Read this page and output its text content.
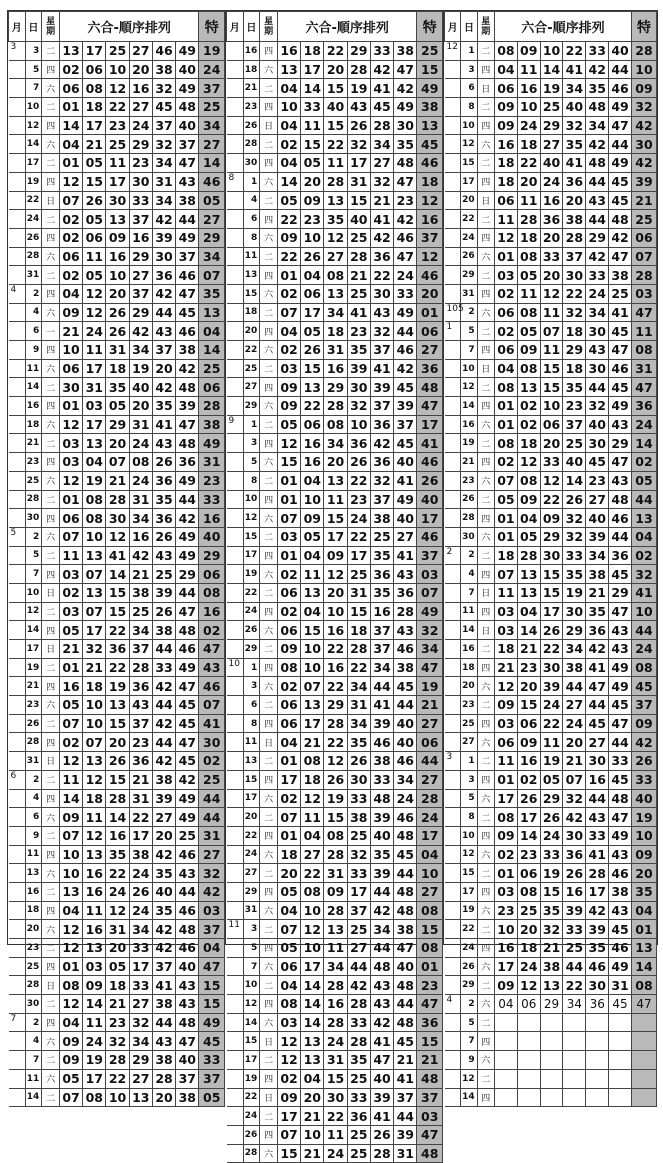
月	日	星期	六合-順序排列						特
3	3	二	13	17	25	27	46	49	19
	5	四	02	06	10	20	38	40	24
	7	六	06	08	12	16	32	49	37
	10	二	01	18	22	27	45	48	25
	12	四	14	17	23	24	37	40	34
	14	六	04	21	25	29	32	37	27
	17	二	01	05	11	23	34	47	14
	19	四	12	15	17	30	31	43	46
	22	日	07	26	30	33	34	38	05
	24	二	02	05	13	37	42	44	27
	26	四	02	06	09	16	39	49	29
	28	六	06	11	16	29	30	37	34
	31	二	02	05	10	27	36	46	07
4	2	四	04	12	20	37	42	47	35
	4	六	09	12	26	29	44	45	13
	6	一	21	24	26	42	43	46	04
	9	四	10	11	31	34	37	38	14
	11	六	06	17	18	19	20	42	25
	14	二	30	31	35	40	42	48	06
	16	四	01	03	05	20	35	39	28
	18	六	12	17	29	31	41	47	38
	21	二	03	13	20	24	43	48	49
	23	四	03	04	07	08	26	36	31
	25	六	12	19	21	24	36	49	23
	28	二	01	08	28	31	35	44	33
	30	四	06	08	30	34	36	42	16
5	2	六	07	10	12	16	26	49	40
	5	二	11	13	41	42	43	49	29
	7	四	03	07	14	21	25	29	06
	10	日	02	13	15	38	39	44	08
	12	二	03	07	15	25	26	47	16
	14	四	05	17	22	34	38	48	02
	17	日	21	32	36	37	44	46	47
	19	二	01	21	22	28	33	49	43
	21	四	16	18	19	36	42	47	46
	23	六	05	10	13	43	44	45	07
	26	二	07	10	15	37	42	45	41
	28	四	02	07	20	23	44	47	30
	31	日	12	13	26	36	42	45	02
6	2	二	11	12	15	21	38	42	25
	4	四	14	18	28	31	39	49	44
	6	六	09	11	14	22	27	49	44
	9	二	07	12	16	17	20	25	31
	11	四	10	13	35	38	42	46	27
	13	六	10	16	22	24	35	43	32
	16	二	13	16	24	26	40	44	42
	18	四	04	11	12	24	35	46	03
	20	六	12	16	31	34	42	48	37
	23	二	12	13	20	33	42	46	04
	25	四	01	03	05	17	37	40	47
	28	日	08	09	18	33	41	43	15
	30	二	12	14	21	27	38	43	15
7	2	四	04	11	23	32	44	48	49
	4	六	09	24	32	34	43	47	45
	7	二	09	19	28	29	38	40	33
	11	六	05	17	22	27	28	37	37
	14	二	07	08	10	13	20	38	05
月	日	星期	六合-順序排列						特
	16	四	16	18	22	29	33	38	25
	18	六	13	17	20	28	42	47	15
	21	二	04	14	15	19	41	42	49
	23	四	10	33	40	43	45	49	38
	26	日	04	11	15	26	28	30	13
	28	二	02	15	22	32	34	35	45
	30	四	04	05	11	17	27	48	46
8	1	六	14	20	28	31	32	47	18
	4	二	05	09	13	15	21	23	12
	6	四	22	23	35	40	41	42	16
	8	六	09	10	12	25	42	46	37
	11	二	22	26	27	28	36	47	12
	13	四	01	04	08	21	22	24	46
	15	六	02	06	13	25	30	33	20
	18	二	07	17	34	41	43	49	01
	20	四	04	05	18	23	32	44	06
	22	六	02	26	31	35	37	46	27
	25	二	03	15	16	39	41	42	36
	27	四	09	13	29	30	39	45	48
	29	六	09	22	28	32	37	39	47
9	1	二	05	06	08	10	36	37	17
	3	四	12	16	34	36	42	45	41
	5	六	15	16	20	26	36	40	46
	8	二	01	04	13	22	32	41	26
	10	四	01	10	11	23	37	49	40
	12	六	07	09	15	24	38	40	17
	15	二	03	05	17	22	25	27	46
	17	四	01	04	09	17	35	41	37
	19	六	02	11	12	25	36	43	03
	22	二	06	13	20	31	35	36	07
	24	四	02	04	10	15	16	28	49
	26	六	06	15	16	18	37	43	32
	29	二	09	10	22	28	37	46	34
10	1	四	08	10	16	22	34	38	47
	3	六	02	07	22	34	44	45	19
	6	二	06	13	29	31	41	44	21
	8	四	06	17	28	34	39	40	27
	11	日	04	21	22	35	46	40	06
	13	二	01	08	12	26	38	46	44
	15	四	17	18	26	30	33	34	27
	17	六	02	12	19	33	48	24	28
	20	二	07	11	15	38	39	46	24
	22	四	01	04	08	25	40	48	17
	24	六	18	27	28	32	35	45	04
	27	二	20	22	31	33	39	44	10
	29	四	05	08	09	17	44	48	27
	31	六	04	10	28	37	42	48	08
11	3	二	07	12	13	25	34	38	15
	5	四	05	10	11	27	44	47	08
	7	六	06	17	34	44	48	40	01
	10	二	04	14	28	42	43	48	23
	12	四	08	14	16	28	43	44	47
	14	六	03	14	28	33	42	48	36
	15	日	12	13	24	28	41	45	15
	17	二	12	13	31	35	47	21	21
	19	四	02	04	15	25	40	41	48
	22	日	09	20	30	33	39	37	37
	24	二	17	21	22	36	41	44	03
	26	四	07	10	11	25	26	39	47
	28	六	15	21	24	25	28	31	48
月	日	星期	六合-順序排列						特
12	1	二	08	09	10	22	33	40	28
	3	四	04	11	14	41	42	44	10
	6	日	06	16	19	34	35	46	09
	8	二	09	10	25	40	48	49	32
	10	四	09	24	29	32	34	47	42
	12	六	16	18	27	35	42	44	30
	15	二	18	22	40	41	48	49	42
	17	四	18	20	24	36	44	45	39
	20	日	06	11	16	20	43	45	21
	22	二	11	28	36	38	44	48	25
	24	四	12	18	20	28	29	42	06
	26	六	01	08	33	37	42	47	07
	29	二	03	05	20	30	33	38	28
	31	四	02	11	12	22	24	25	03
105	2	六	06	08	11	32	34	41	47
1	5	二	02	05	07	18	30	45	11
	7	四	06	09	11	29	43	47	08
	10	日	04	08	15	18	30	46	31
	12	二	08	13	15	35	44	45	47
	14	四	01	02	10	23	32	49	36
	16	六	01	02	06	37	40	43	24
	19	二	08	18	20	25	30	29	14
	21	四	02	12	33	40	45	47	02
	23	六	07	08	12	14	23	43	05
	26	二	05	09	22	26	27	48	44
	28	四	01	04	09	32	40	46	13
	30	六	01	05	29	32	39	44	04
2	2	二	18	28	30	33	34	36	02
	4	四	07	13	15	35	38	45	32
	7	日	11	13	15	19	21	29	41
	11	四	03	04	17	30	35	47	10
	14	日	03	14	26	29	36	43	44
	16	二	18	21	22	34	42	43	24
	18	四	21	23	30	38	41	49	08
	20	六	12	20	39	44	47	49	45
	23	二	09	15	24	27	44	45	37
	25	四	03	06	22	24	45	47	09
	27	六	06	09	11	20	27	44	42
3	1	二	11	16	19	21	30	33	26
	3	四	01	02	05	07	16	45	33
	5	六	17	26	29	32	44	48	40
	8	二	08	17	26	42	43	47	19
	10	四	09	14	24	30	33	49	10
	12	六	02	23	33	36	41	43	09
	15	二	01	06	19	26	28	46	20
	17	四	03	08	15	16	17	38	35
	19	六	23	25	35	39	42	43	04
	22	二	10	20	32	33	39	45	01
	24	四	16	18	21	25	35	46	13
	26	六	17	24	38	44	46	49	14
	29	二	09	12	13	22	30	31	08
4	2	六	04	06	29	34	36	45	47
	5	二							
	7	四							
	9	六							
	12	二							
	14	四							
